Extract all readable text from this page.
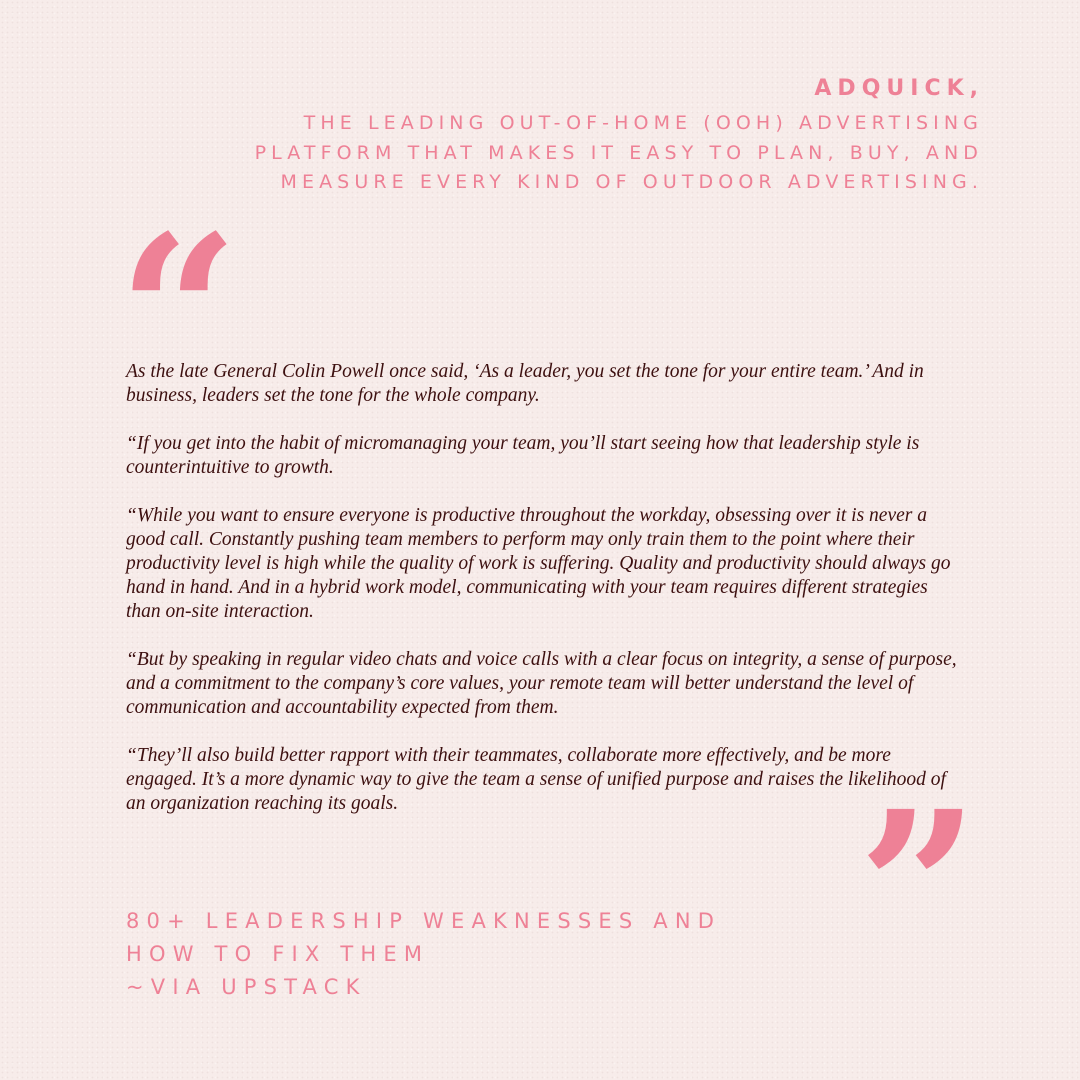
ADQUICK,
THE LEADING OUT-OF-HOME (OOH) ADVERTISING
PLATFORM THAT MAKES IT EASY TO PLAN, BUY, AND
MEASURE EVERY KIND OF OUTDOOR ADVERTISING.
“

As the late General Colin Powell once said, ‘As a leader, you set the tone for your entire team.’ And in business, leaders set the tone for the whole company.

“If you get into the habit of micromanaging your team, you’ll start seeing how that leadership style is counterintuitive to growth.

“While you want to ensure everyone is productive throughout the workday, obsessing over it is never a good call. Constantly pushing team members to perform may only train them to the point where their productivity level is high while the quality of work is suffering. Quality and productivity should always go hand in hand. And in a hybrid work model, communicating with your team requires different strategies than on-site interaction.

“But by speaking in regular video chats and voice calls with a clear focus on integrity, a sense of purpose, and a commitment to the company’s core values, your remote team will better understand the level of communication and accountability expected from them.

“They’ll also build better rapport with their teammates, collaborate more effectively, and be more engaged. It’s a more dynamic way to give the team a sense of unified purpose and raises the likelihood of an organization reaching its goals.	”
80+ LEADERSHIP WEAKNESSES AND
HOW TO FIX THEM
~VIA UPSTACK
